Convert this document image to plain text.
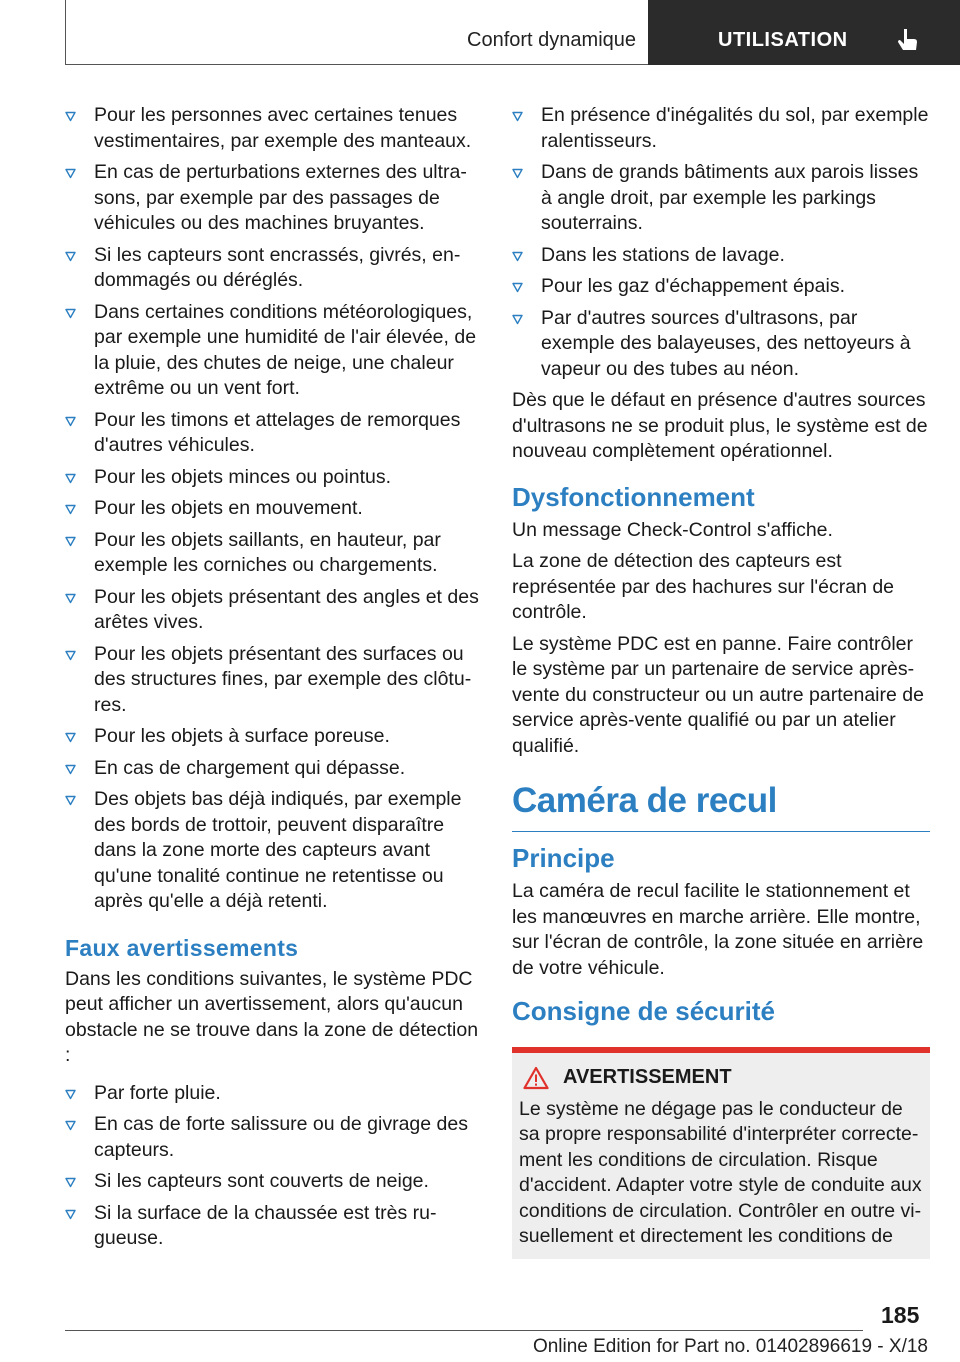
Confort dynamique	UTILISATION
Pour les personnes avec certaines tenues vestimentaires, par exemple des manteaux.
En cas de perturbations externes des ultrasons, par exemple par des passages de véhicules ou des machines bruyantes.
Si les capteurs sont encrassés, givrés, endommagés ou déréglés.
Dans certaines conditions météorologiques, par exemple une humidité de l'air élevée, de la pluie, des chutes de neige, une chaleur extrême ou un vent fort.
Pour les timons et attelages de remorques d'autres véhicules.
Pour les objets minces ou pointus.
Pour les objets en mouvement.
Pour les objets saillants, en hauteur, par exemple les corniches ou chargements.
Pour les objets présentant des angles et des arêtes vives.
Pour les objets présentant des surfaces ou des structures fines, par exemple des clôtures.
Pour les objets à surface poreuse.
En cas de chargement qui dépasse.
Des objets bas déjà indiqués, par exemple des bords de trottoir, peuvent disparaître dans la zone morte des capteurs avant qu'une tonalité continue ne retentisse ou après qu'elle a déjà retenti.
Faux avertissements

Dans les conditions suivantes, le système PDC peut afficher un avertissement, alors qu'aucun obstacle ne se trouve dans la zone de détection :

Par forte pluie.
En cas de forte salissure ou de givrage des capteurs.
Si les capteurs sont couverts de neige.
Si la surface de la chaussée est très rugueuse.
En présence d'inégalités du sol, par exemple ralentisseurs.
Dans de grands bâtiments aux parois lisses à angle droit, par exemple les parkings souterrains.
Dans les stations de lavage.
Pour les gaz d'échappement épais.
Par d'autres sources d'ultrasons, par exemple des balayeuses, des nettoyeurs à vapeur ou des tubes au néon.

Dès que le défaut en présence d'autres sources d'ultrasons ne se produit plus, le système est de nouveau complètement opérationnel.

Dysfonctionnement

Un message Check-Control s'affiche.

La zone de détection des capteurs est représentée par des hachures sur l'écran de contrôle.

Le système PDC est en panne. Faire contrôler le système par un partenaire de service après-vente du constructeur ou un autre partenaire de service après-vente qualifié ou par un atelier qualifié.

Caméra de recul
Principe

La caméra de recul facilite le stationnement et les manœuvres en marche arrière. Elle montre, sur l'écran de contrôle, la zone située en arrière de votre véhicule.

Consigne de sécurité
AVERTISSEMENT

Le système ne dégage pas le conducteur de sa propre responsabilité d'interpréter correctement les conditions de circulation. Risque d'accident. Adapter votre style de conduite aux conditions de circulation. Contrôler en outre visuellement et directement les conditions de

185
Online Edition for Part no. 01402896619 - X/18
